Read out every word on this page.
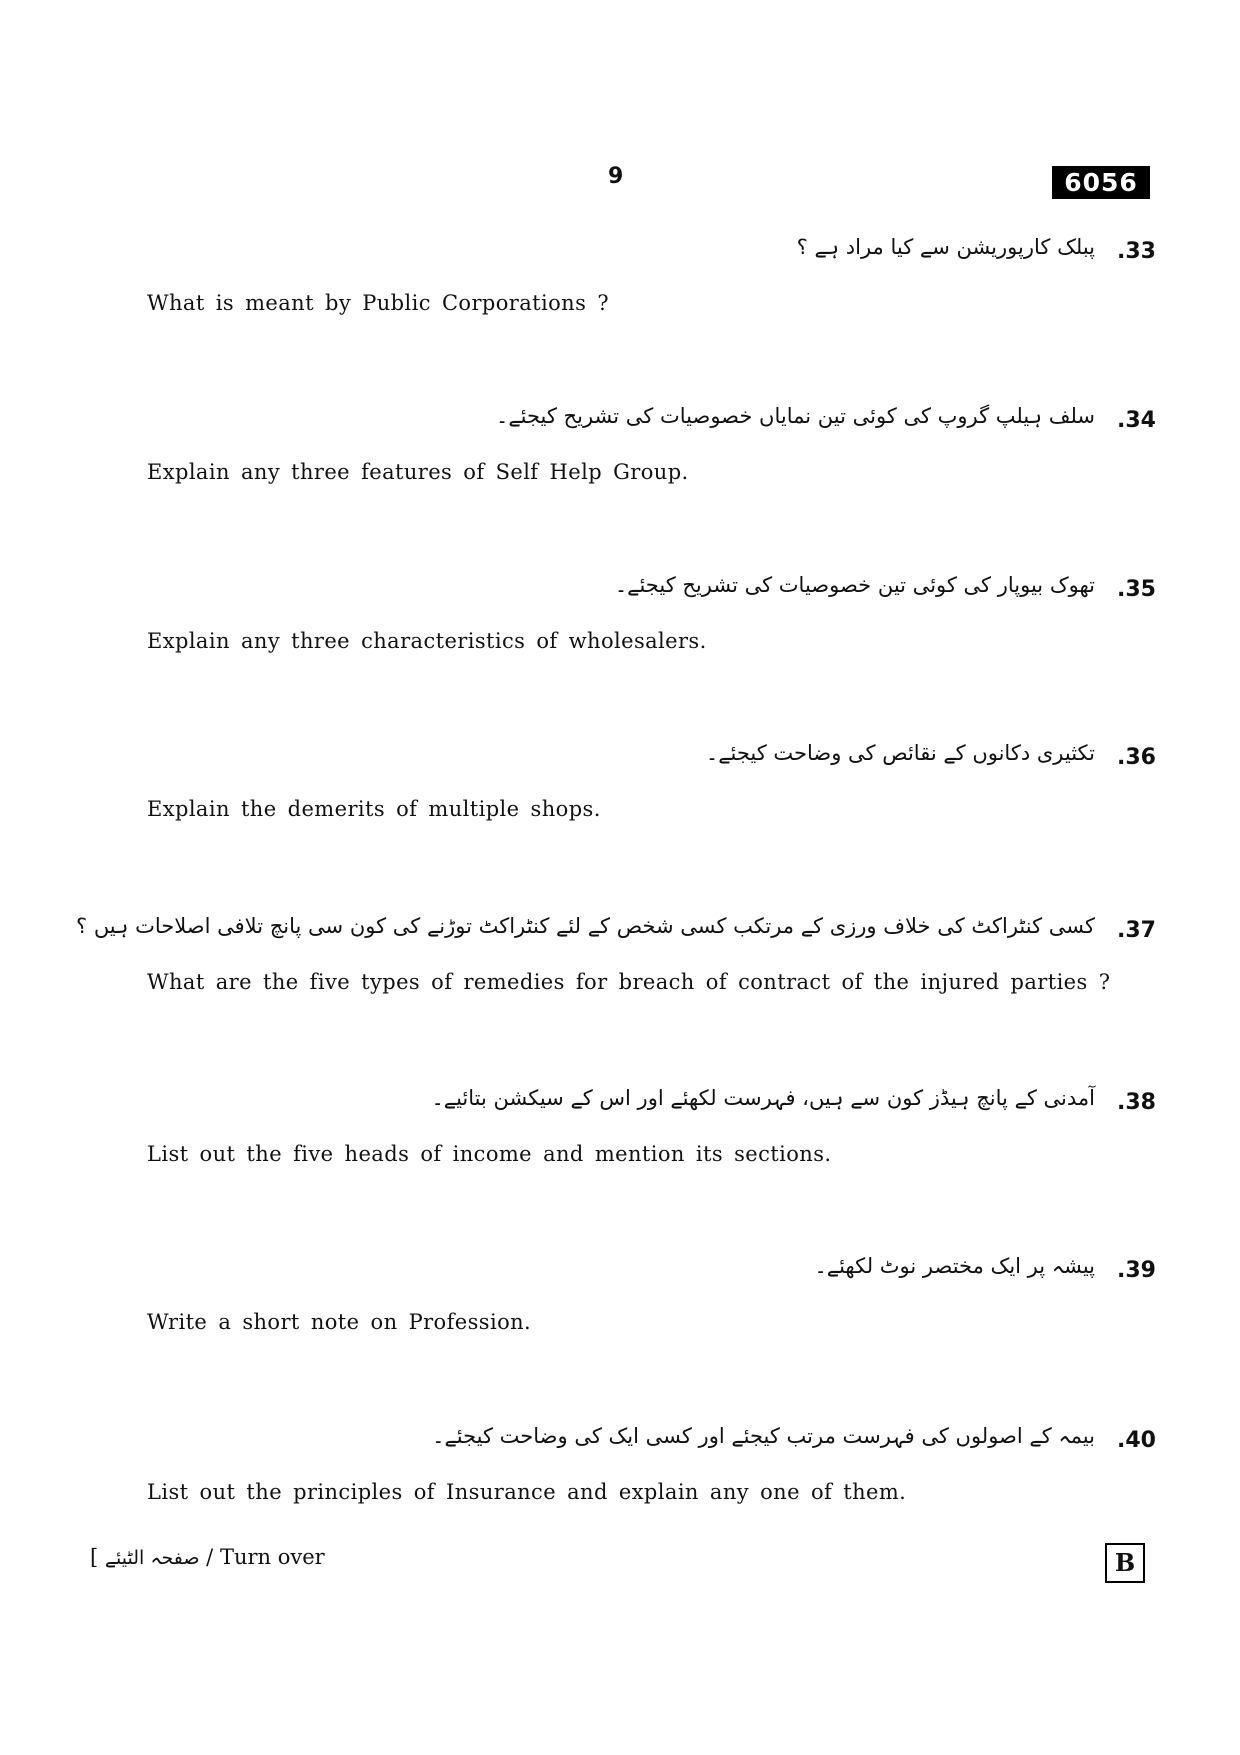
9	6056
33.
پبلک کارپوریشن سے کیا مراد ہے ؟
What is meant by Public Corporations ?
34.
سلف ہیلپ گروپ کی کوئی تین نمایاں خصوصیات کی تشریح کیجئے۔
Explain any three features of Self Help Group.
35.
تھوک بیوپار کی کوئی تین خصوصیات کی تشریح کیجئے۔
Explain any three characteristics of wholesalers.
36.
تکثیری دکانوں کے نقائص کی وضاحت کیجئے۔
Explain the demerits of multiple shops.
37.
کسی کنٹراکٹ کی خلاف ورزی کے مرتکب کسی شخص کے لئے کنٹراکٹ توڑنے کی کون سی پانچ تلافی اصلاحات ہیں ؟
What are the five types of remedies for breach of contract of the injured parties ?
38.
آمدنی کے پانچ ہیڈز کون سے ہیں، فہرست لکھئے اور اس کے سیکشن بتائیے۔
List out the five heads of income and mention its sections.
39.
پیشہ پر ایک مختصر نوٹ لکھئے۔
Write a short note on Profession.
40.
بیمہ کے اصولوں کی فہرست مرتب کیجئے اور کسی ایک کی وضاحت کیجئے۔
List out the principles of Insurance and explain any one of them.
[ صفحہ الٹیئے / Turn over	B
